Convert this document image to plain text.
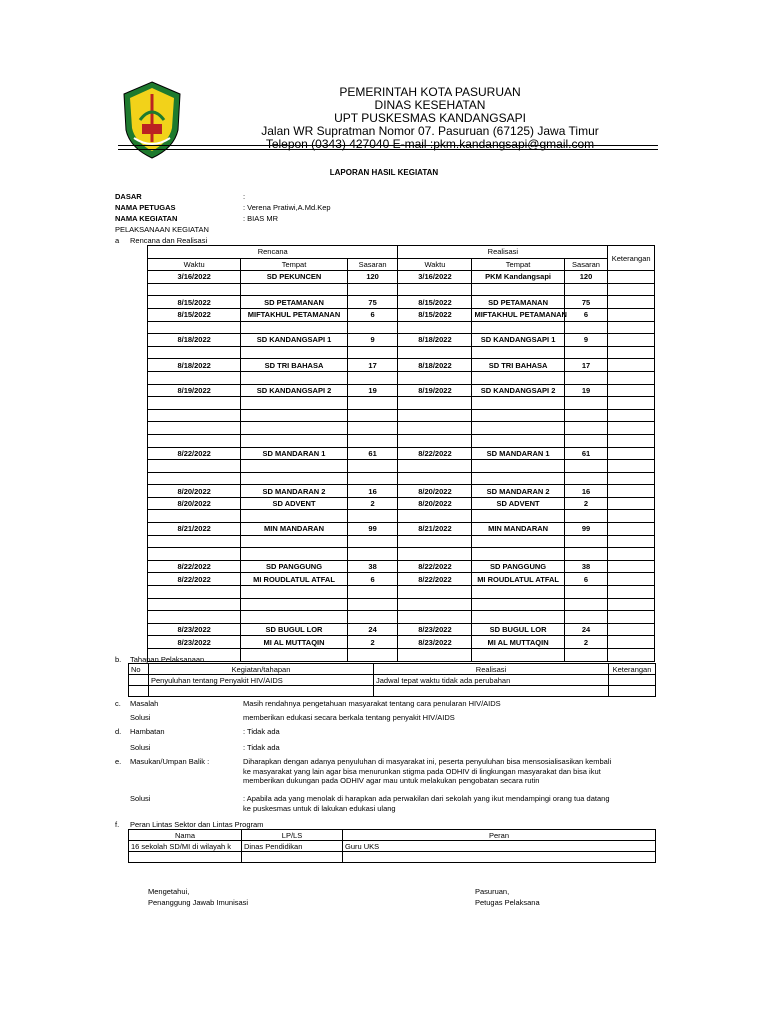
PEMERINTAH KOTA PASURUAN
DINAS KESEHATAN
UPT PUSKESMAS KANDANGSAPI
Jalan WR Supratman Nomor 07. Pasuruan (67125) Jawa Timur
Telepon (0343) 427040 E-mail :pkm.kandangsapi@gmail.com
LAPORAN HASIL KEGIATAN
DASAR	:
NAMA PETUGAS	: Verena Pratiwi,A.Md.Kep
NAMA KEGIATAN	: BIAS MR
PELAKSANAAN KEGIATAN
a Rencana dan Realisasi
Rencana			Realisasi			Keterangan
Waktu	Tempat	Sasaran	Waktu	Tempat	Sasaran	
3/16/2022	SD PEKUNCEN	120	3/16/2022	PKM Kandangsapi	120	

8/15/2022	SD PETAMANAN	75	8/15/2022	SD PETAMANAN	75	
8/15/2022	MIFTAKHUL PETAMANAN	6	8/15/2022	MIFTAKHUL PETAMANAN	6	

8/18/2022	SD KANDANGSAPI 1	9	8/18/2022	SD KANDANGSAPI 1	9	

8/18/2022	SD TRI BAHASA	17	8/18/2022	SD TRI BAHASA	17	

8/19/2022	SD KANDANGSAPI 2	19	8/19/2022	SD KANDANGSAPI 2	19	

8/22/2022	SD MANDARAN 1	61	8/22/2022	SD MANDARAN 1	61	

8/20/2022	SD MANDARAN 2	16	8/20/2022	SD MANDARAN 2	16	
8/20/2022	SD ADVENT	2	8/20/2022	SD ADVENT	2	

8/21/2022	MIN MANDARAN	99	8/21/2022	MIN MANDARAN	99	

8/22/2022	SD PANGGUNG	38	8/22/2022	SD PANGGUNG	38	
8/22/2022	MI ROUDLATUL ATFAL	6	8/22/2022	MI ROUDLATUL ATFAL	6	

8/23/2022	SD BUGUL LOR	24	8/23/2022	SD BUGUL LOR	24	
8/23/2022	MI AL MUTTAQIN	2	8/23/2022	MI AL MUTTAQIN	2	

b. Tahapan Pelaksanaan
No	Kegiatan/tahapan	Realisasi	Keterangan
	Penyuluhan tentang Penyakit HIV/AIDS	Jadwal tepat waktu tidak ada perubahan	

c. Masalah	Masih rendahnya pengetahuan masyarakat tentang cara penularan HIV/AIDS
Solusi	memberikan edukasi secara berkala tentang penyakit HIV/AIDS
d. Hambatan	: Tidak ada
Solusi	: Tidak ada
e. Masukan/Umpan Balik :	Diharapkan dengan adanya penyuluhan di masyarakat ini, peserta penyuluhan bisa mensosialisasikan kembali
ke masyarakat yang lain agar bisa menurunkan stigma pada ODHIV di lingkungan masyarakat dan bisa ikut
memberikan dukungan pada ODHIV agar mau untuk melakukan pengobatan secara rutin
Solusi	: Apabila ada yang menolak di harapkan ada perwakilan dari sekolah yang ikut mendampingi orang tua datang
ke puskesmas untuk di lakukan edukasi ulang
f. Peran Lintas Sektor dan Lintas Program
Nama	LP/LS	Peran
16 sekolah SD/MI di wilayah k	Dinas Pendidikan	Guru UKS

Mengetahui,
Penanggung Jawab Imunisasi
Pasuruan,
Petugas Pelaksana
